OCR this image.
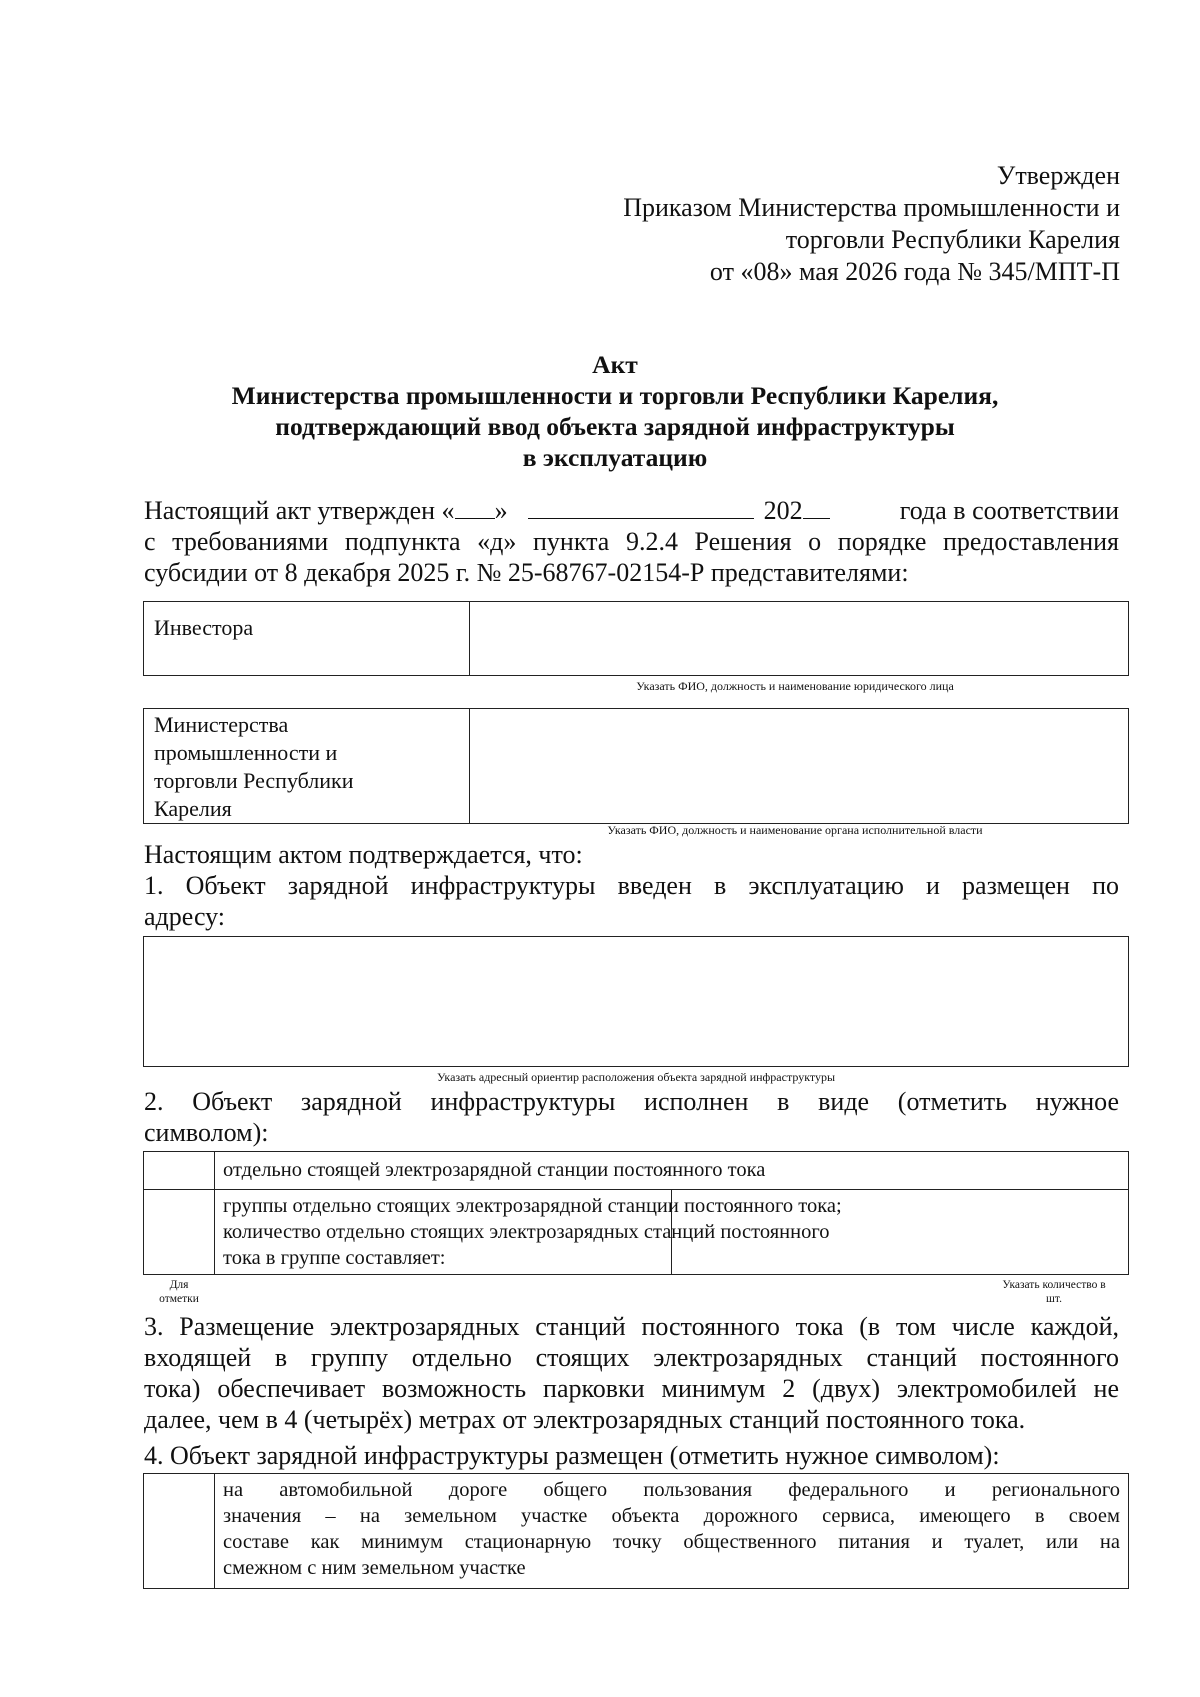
Утвержден
Приказом Министерства промышленности и
торговли Республики Карелия
от «08» мая 2026 года № 345/МПТ-П
Акт
Министерства промышленности и торговли Республики Карелия,
подтверждающий ввод объекта зарядной инфраструктуры
в эксплуатацию
Настоящий акт утвержден « »	202	года в соответствии
с требованиями подпункта «д» пункта 9.2.4 Решения о порядке предоставления
субсидии от 8 декабря 2025 г. № 25-68767-02154-Р представителями:
Инвестора	
Указать ФИО, должность и наименование юридического лица
Министерства
промышленности и
торговли Республики
Карелия

Указать ФИО, должность и наименование органа исполнительной власти
Настоящим актом подтверждается, что:
1. Объект зарядной инфраструктуры введен в эксплуатацию и размещен по
адресу:
Указать адресный ориентир расположения объекта зарядной инфраструктуры
2. Объект зарядной инфраструктуры исполнен в виде (отметить нужное
символом):

	отдельно стоящей электрозарядной станции постоянного тока	

	группы отдельно стоящих электрозарядной станции постоянного тока;
количество отдельно стоящих электрозарядных станций постоянного
тока в группе составляет:	

Для
отметки
Указать количество в
шт.
3. Размещение электрозарядных станций постоянного тока (в том числе каждой,
входящей в группу отдельно стоящих электрозарядных станций постоянного
тока) обеспечивает возможность парковки минимум 2 (двух) электромобилей не
далее, чем в 4 (четырёх) метрах от электрозарядных станций постоянного тока.
4. Объект зарядной инфраструктуры размещен (отметить нужное символом):

на автомобильной дороге общего пользования федерального и регионального
значения – на земельном участке объекта дорожного сервиса, имеющего в своем
составе как минимум стационарную точку общественного питания и туалет, или на
смежном с ним земельном участке
